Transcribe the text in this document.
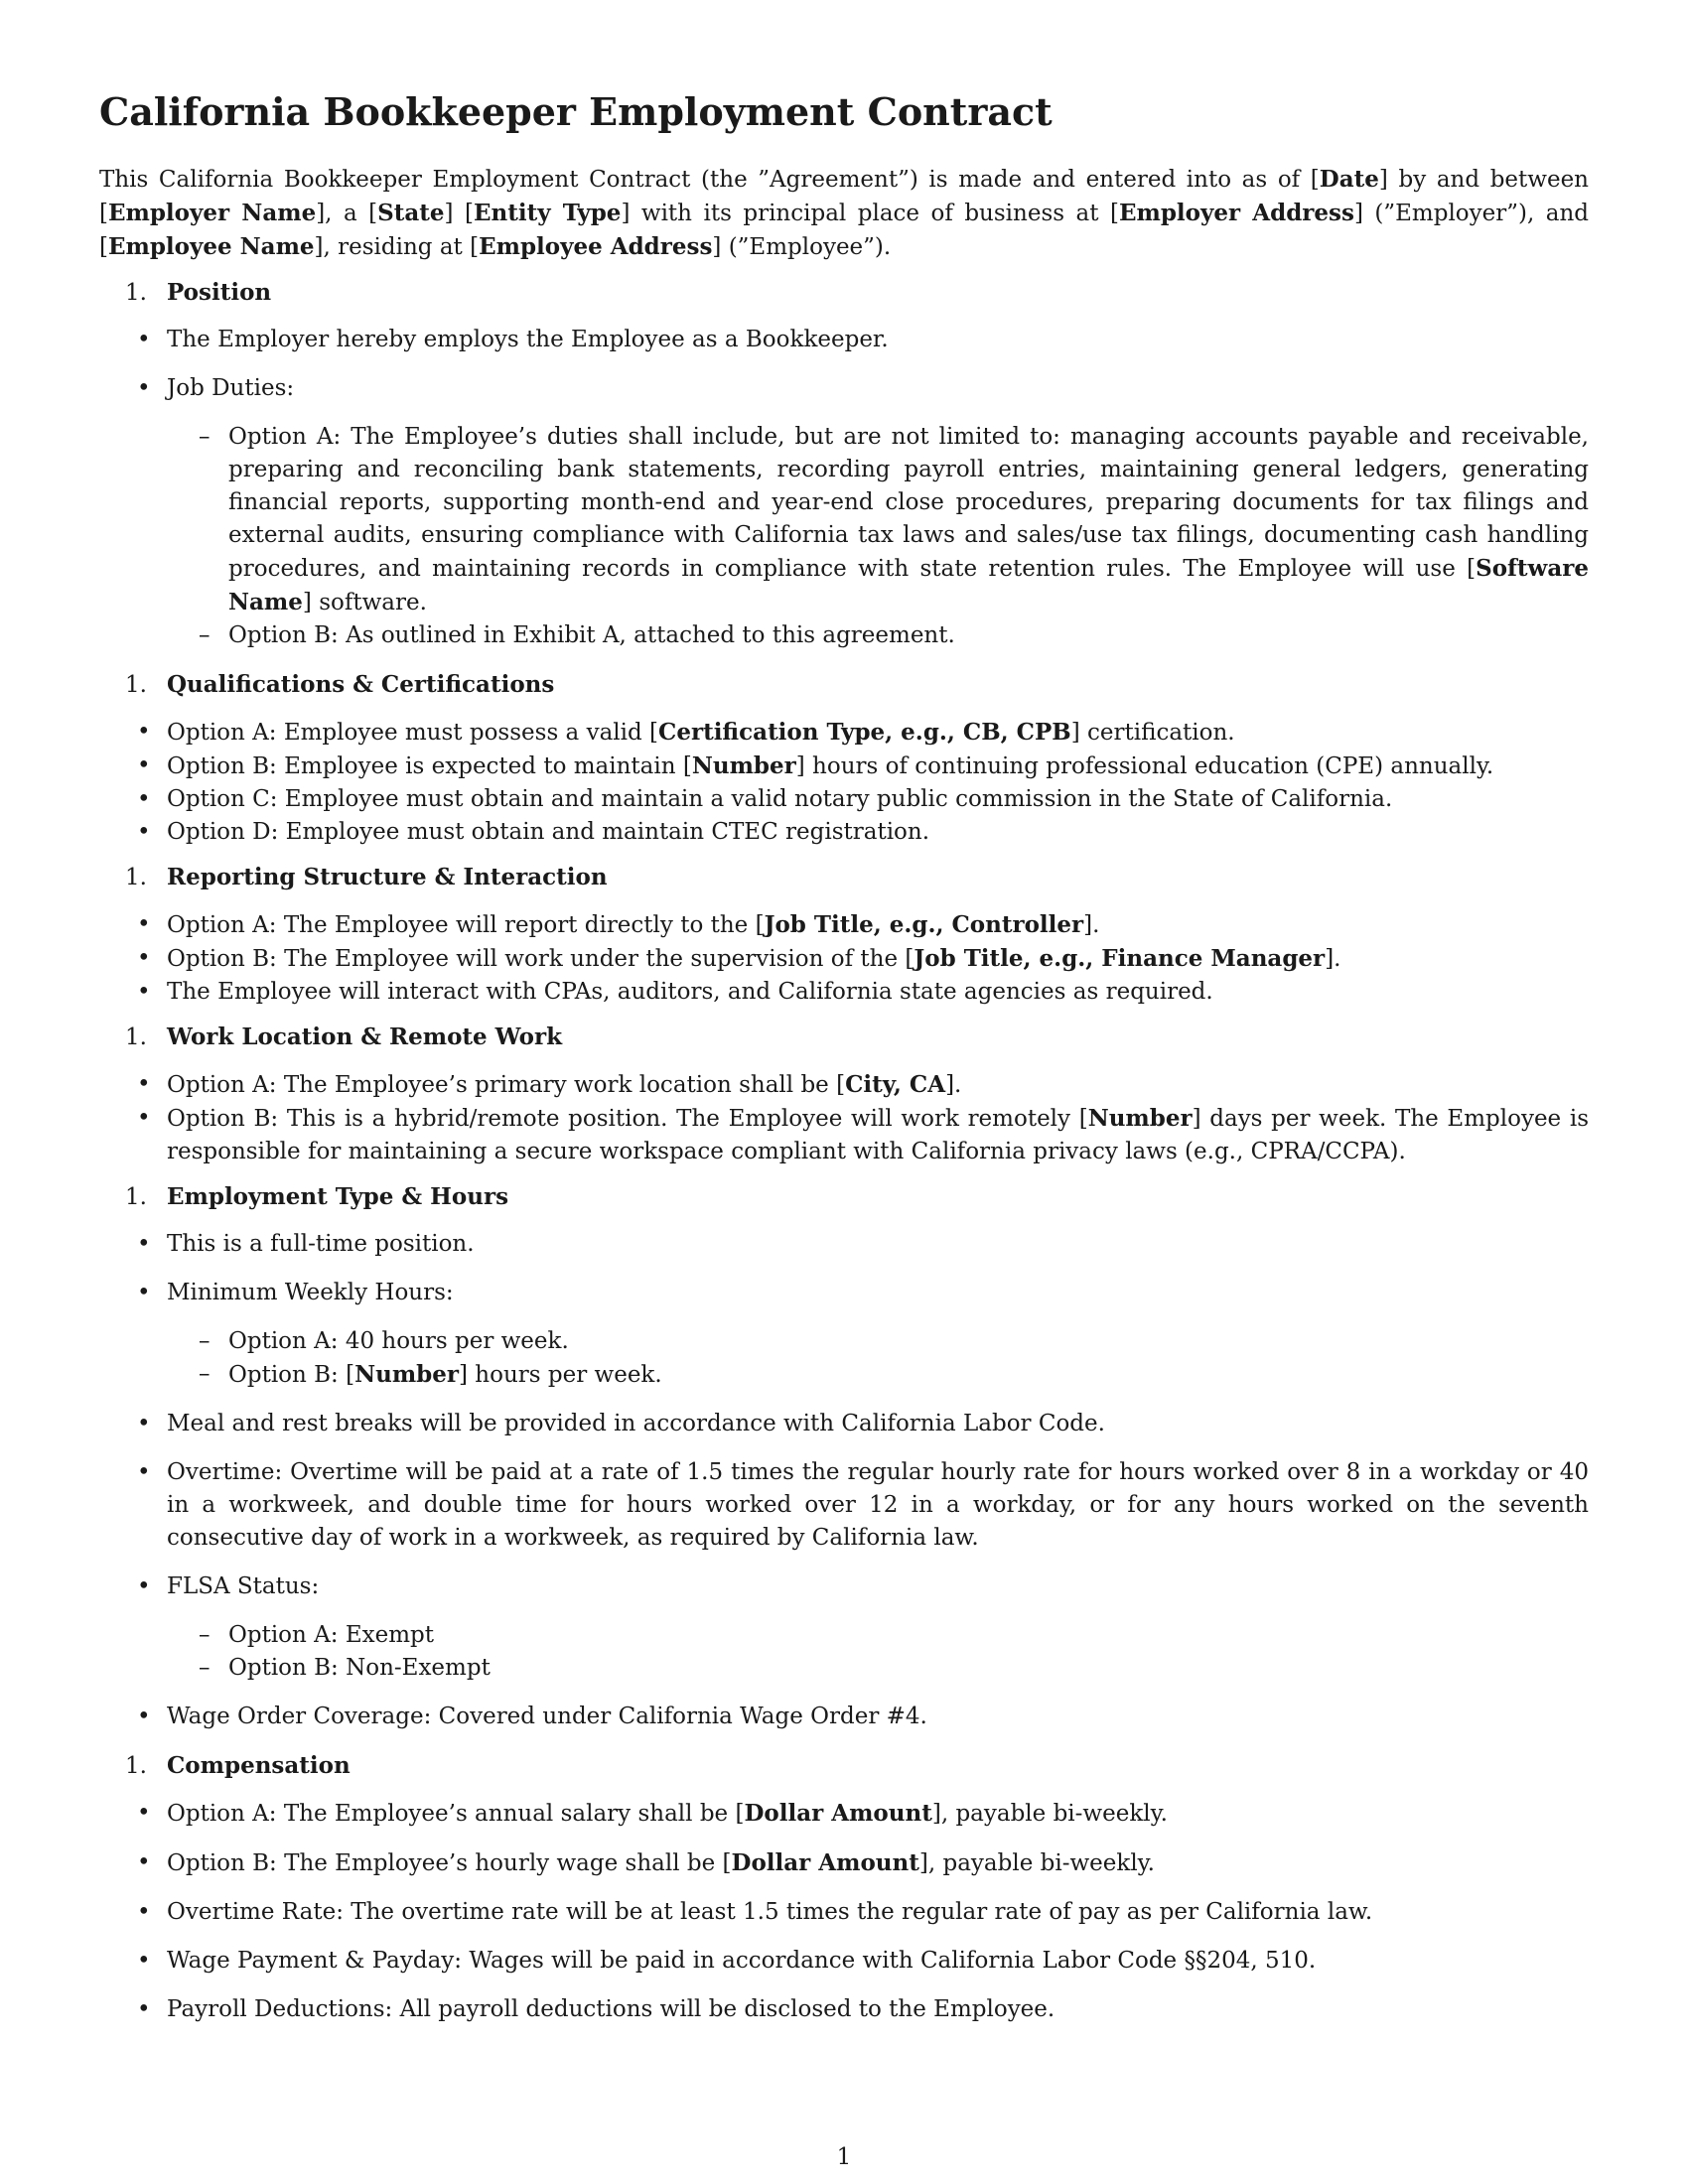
California Bookkeeper Employment Contract

This California Bookkeeper Employment Contract (the ”Agreement”) is made and entered into as of [Date] by and between [Employer Name], a [State] [Entity Type] with its principal place of business at [Employer Address] (”Employer”), and [Employee Name], residing at [Employee Address] (”Employee”).

1. Position
• The Employer hereby employs the Employee as a Bookkeeper.
• Job Duties:
– Option A: The Employee’s duties shall include, but are not limited to: managing accounts payable and receivable, preparing and reconciling bank statements, recording payroll entries, maintaining general ledgers, generating financial reports, supporting month-end and year-end close procedures, preparing documents for tax filings and external audits, ensuring compliance with California tax laws and sales/use tax filings, documenting cash handling procedures, and maintaining records in compliance with state retention rules. The Employee will use [Software Name] software.
– Option B: As outlined in Exhibit A, attached to this agreement.
1. Qualifications & Certifications
• Option A: Employee must possess a valid [Certification Type, e.g., CB, CPB] certification.
• Option B: Employee is expected to maintain [Number] hours of continuing professional education (CPE) annually.
• Option C: Employee must obtain and maintain a valid notary public commission in the State of California.
• Option D: Employee must obtain and maintain CTEC registration.
1. Reporting Structure & Interaction
• Option A: The Employee will report directly to the [Job Title, e.g., Controller].
• Option B: The Employee will work under the supervision of the [Job Title, e.g., Finance Manager].
• The Employee will interact with CPAs, auditors, and California state agencies as required.
1. Work Location & Remote Work
• Option A: The Employee’s primary work location shall be [City, CA].
• Option B: This is a hybrid/remote position. The Employee will work remotely [Number] days per week. The Employee is responsible for maintaining a secure workspace compliant with California privacy laws (e.g., CPRA/CCPA).
1. Employment Type & Hours
• This is a full-time position.
• Minimum Weekly Hours:
– Option A: 40 hours per week.
– Option B: [Number] hours per week.
• Meal and rest breaks will be provided in accordance with California Labor Code.
• Overtime: Overtime will be paid at a rate of 1.5 times the regular hourly rate for hours worked over 8 in a workday or 40 in a workweek, and double time for hours worked over 12 in a workday, or for any hours worked on the seventh consecutive day of work in a workweek, as required by California law.
• FLSA Status:
– Option A: Exempt
– Option B: Non-Exempt
• Wage Order Coverage: Covered under California Wage Order #4.
1. Compensation
• Option A: The Employee’s annual salary shall be [Dollar Amount], payable bi-weekly.
• Option B: The Employee’s hourly wage shall be [Dollar Amount], payable bi-weekly.
• Overtime Rate: The overtime rate will be at least 1.5 times the regular rate of pay as per California law.
• Wage Payment & Payday: Wages will be paid in accordance with California Labor Code §§204, 510.
• Payroll Deductions: All payroll deductions will be disclosed to the Employee.
1
